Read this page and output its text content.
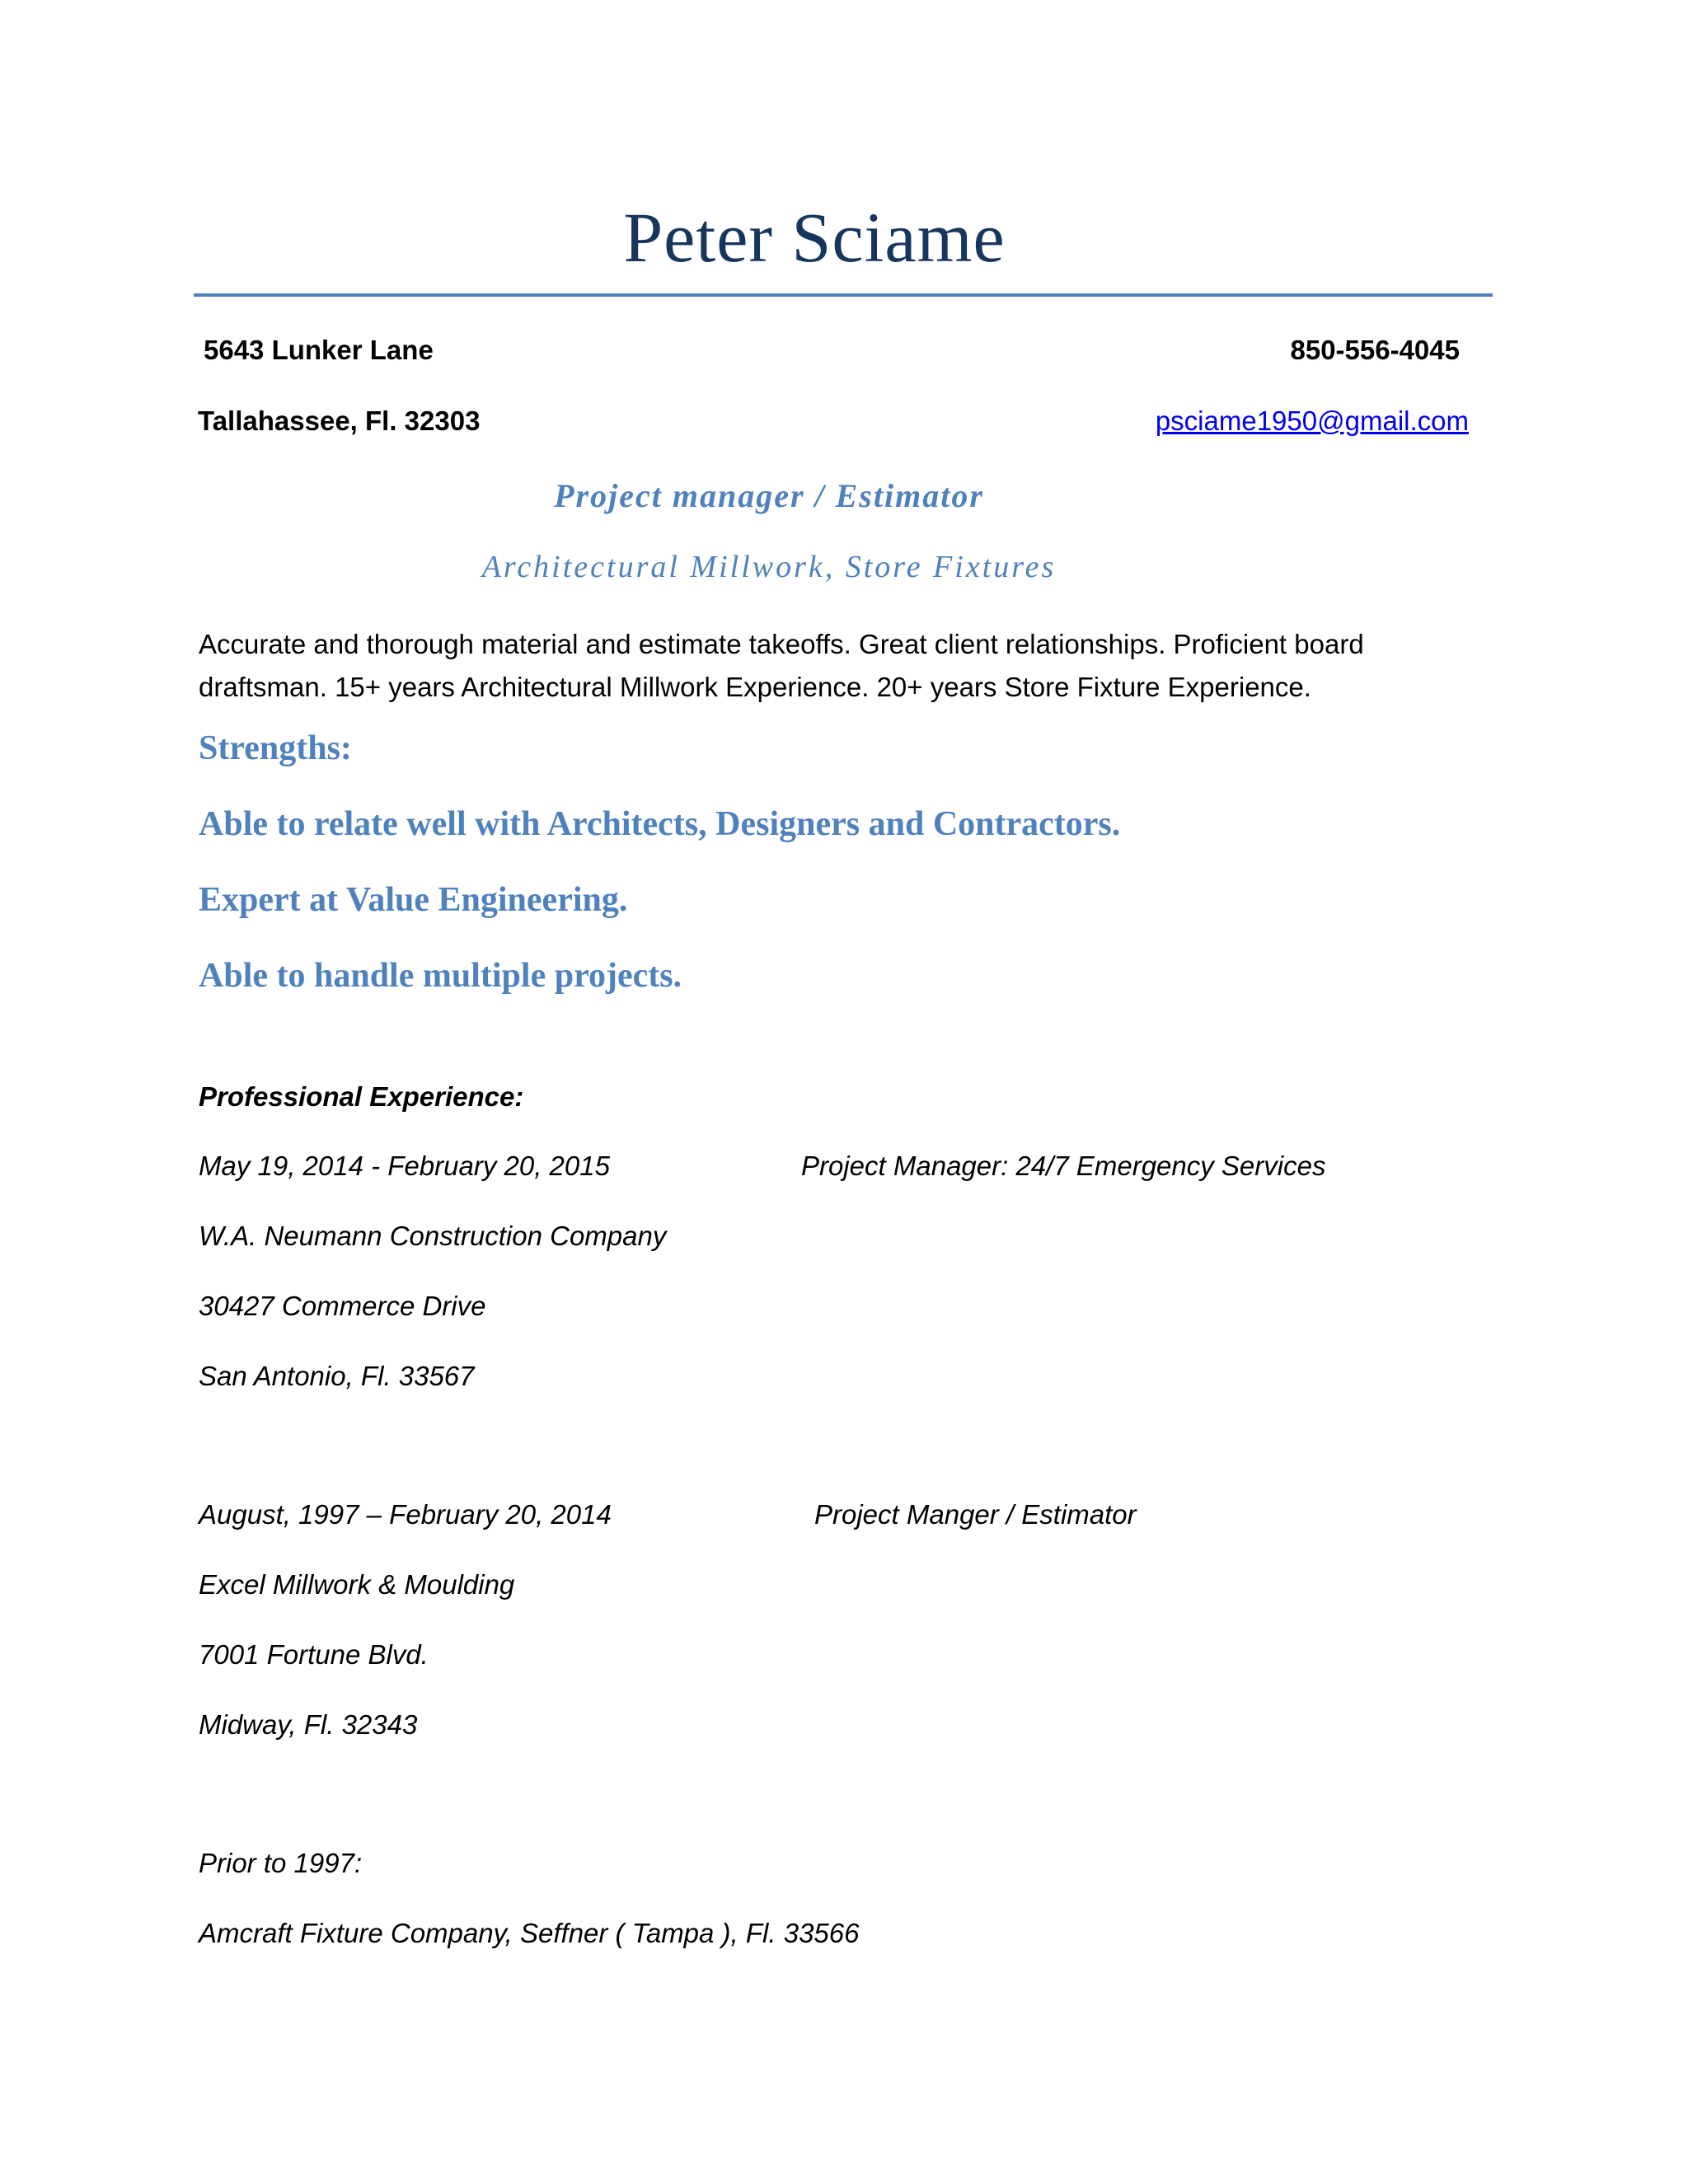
Peter Sciame
5643 Lunker Lane	850-556-4045
Tallahassee, Fl. 32303	psciame1950@gmail.com
Project manager / Estimator
Architectural Millwork, Store Fixtures

Accurate and thorough material and estimate takeoffs. Great client relationships. Proficient board draftsman. 15+ years Architectural Millwork Experience. 20+ years Store Fixture Experience.

Strengths:
Able to relate well with Architects, Designers and Contractors.
Expert at Value Engineering.
Able to handle multiple projects.
Professional Experience:
May 19, 2014 - February 20, 2015	Project Manager: 24/7 Emergency Services
W.A. Neumann Construction Company
30427 Commerce Drive
San Antonio, Fl. 33567
August, 1997 – February 20, 2014	Project Manger / Estimator
Excel Millwork & Moulding
7001 Fortune Blvd.
Midway, Fl. 32343
Prior to 1997:
Amcraft Fixture Company, Seffner ( Tampa ), Fl. 33566
